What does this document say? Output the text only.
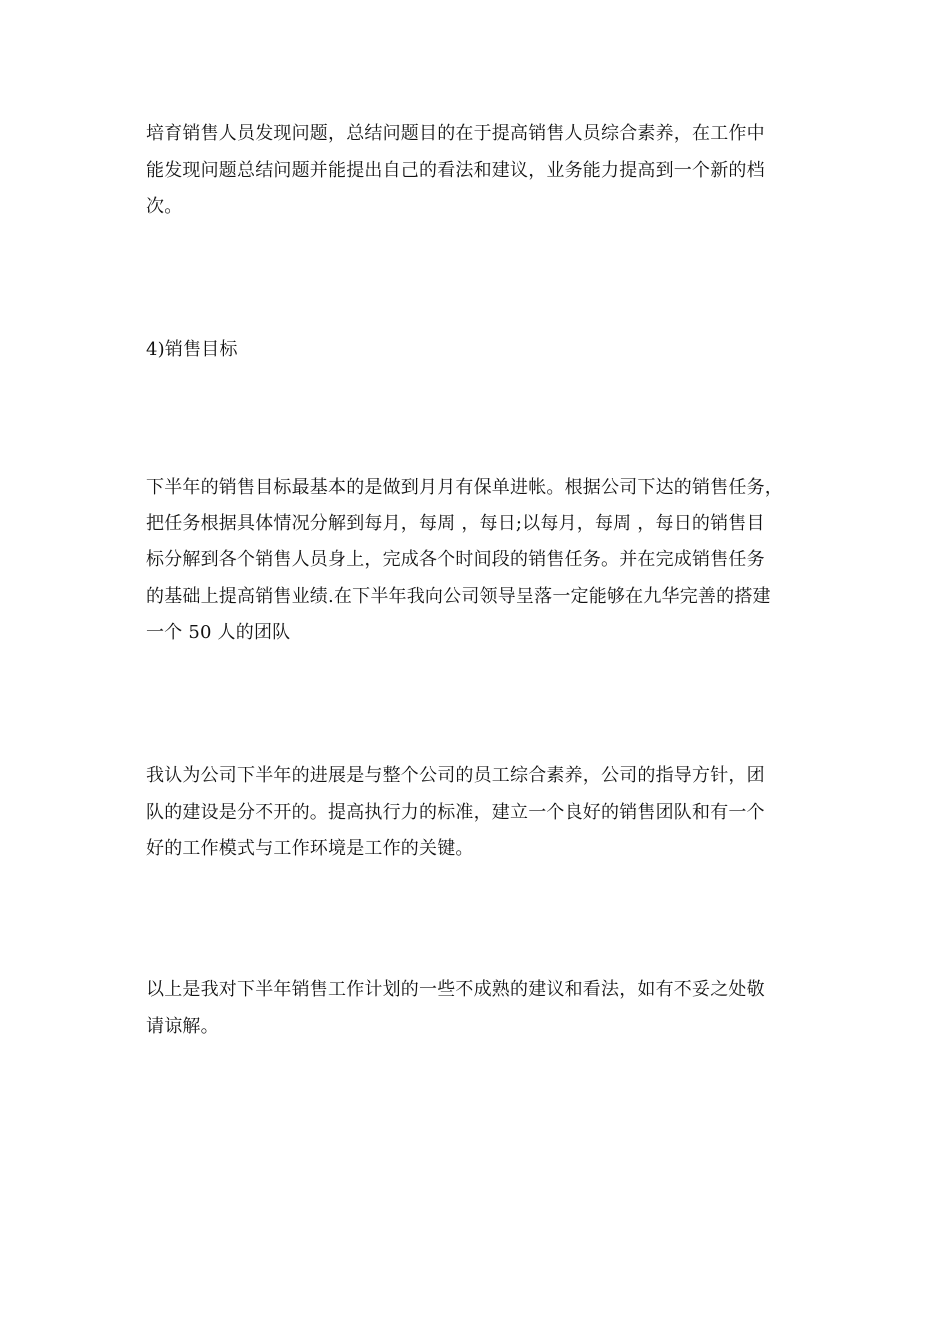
培育销售人员发现问题，总结问题目的在于提高销售人员综合素养，在工作中
能发现问题总结问题并能提出自己的看法和建议，业务能力提高到一个新的档
次。
4)销售目标
下半年的销售目标最基本的是做到月月有保单进帐。根据公司下达的销售任务，
把任务根据具体情况分解到每月，每周 ，每日;以每月，每周 ，每日的销售目
标分解到各个销售人员身上，完成各个时间段的销售任务。并在完成销售任务
的基础上提高销售业绩.在下半年我向公司领导呈落一定能够在九华完善的搭建
一个 50 人的团队
我认为公司下半年的进展是与整个公司的员工综合素养，公司的指导方针，团
队的建设是分不开的。提高执行力的标准，建立一个良好的销售团队和有一个
好的工作模式与工作环境是工作的关键。
以上是我对下半年销售工作计划的一些不成熟的建议和看法，如有不妥之处敬
请谅解。
